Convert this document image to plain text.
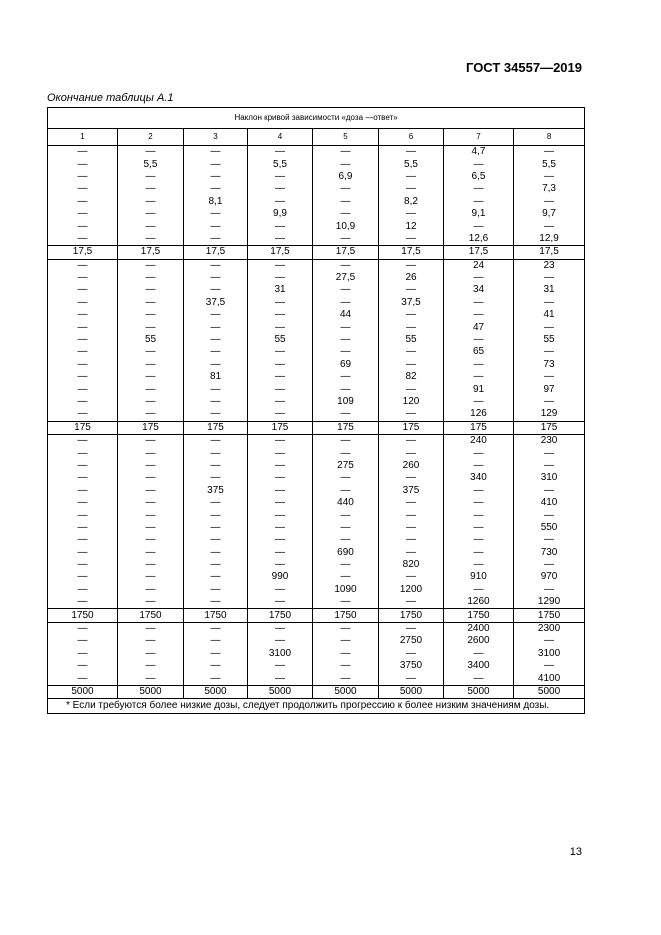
ГОСТ 34557—2019
Окончание таблицы А.1
Наклон кривой зависимости «доза —ответ»							
1	2	3	4	5	6	7	8
—	—	—	—	—	—	4,7	—
—	5,5	—	5,5	—	5,5	—	5,5
—	—	—	—	6,9	—	6,5	—
—	—	—	—	—	—	—	7,3
—	—	8,1	—	—	8,2	—	—
—	—	—	9,9	—	—	9,1	9,7
—	—	—	—	10,9	12	—	—
—	—	—	—	—	—	12,6	12,9
17,5	17,5	17,5	17,5	17,5	17,5	17,5	17,5
—	—	—	—	—	—	24	23
—	—	—	—	27,5	26	—	—
—	—	—	31	—	—	34	31
—	—	37,5	—	—	37,5	—	—
—	—	—	—	44	—	—	41
—	—	—	—	—	—	47	—
—	55	—	55	—	55	—	55
—	—	—	—	—	—	65	—
—	—	—	—	69	—	—	73
—	—	81	—	—	82	—	—
—	—	—	—	—	—	91	97
—	—	—	—	109	120	—	—
—	—	—	—	—	—	126	129
175	175	175	175	175	175	175	175
—	—	—	—	—	—	240	230
—	—	—	—	—	—	—	—
—	—	—	—	275	260	—	—
—	—	—	—	—	—	340	310
—	—	375	—	—	375	—	—
—	—	—	—	440	—	—	410
—	—	—	—	—	—	—	—
—	—	—	—	—	—	—	550
—	—	—	—	—	—	—	—
—	—	—	—	690	—	—	730
—	—	—	—	—	820	—	—
—	—	—	990	—	—	910	970
—	—	—	—	1090	1200	—	—
—	—	—	—	—	—	1260	1290
1750	1750	1750	1750	1750	1750	1750	1750
—	—	—	—	—	—	2400	2300
—	—	—	—	—	2750	2600	—
—	—	—	3100	—	—	—	3100
—	—	—	—	—	3750	3400	—
—	—	—	—	—	—	—	4100
5000	5000	5000	5000	5000	5000	5000	5000
* Если требуются более низкие дозы, следует продолжить прогрессию к более низким значениям дозы.							
13
